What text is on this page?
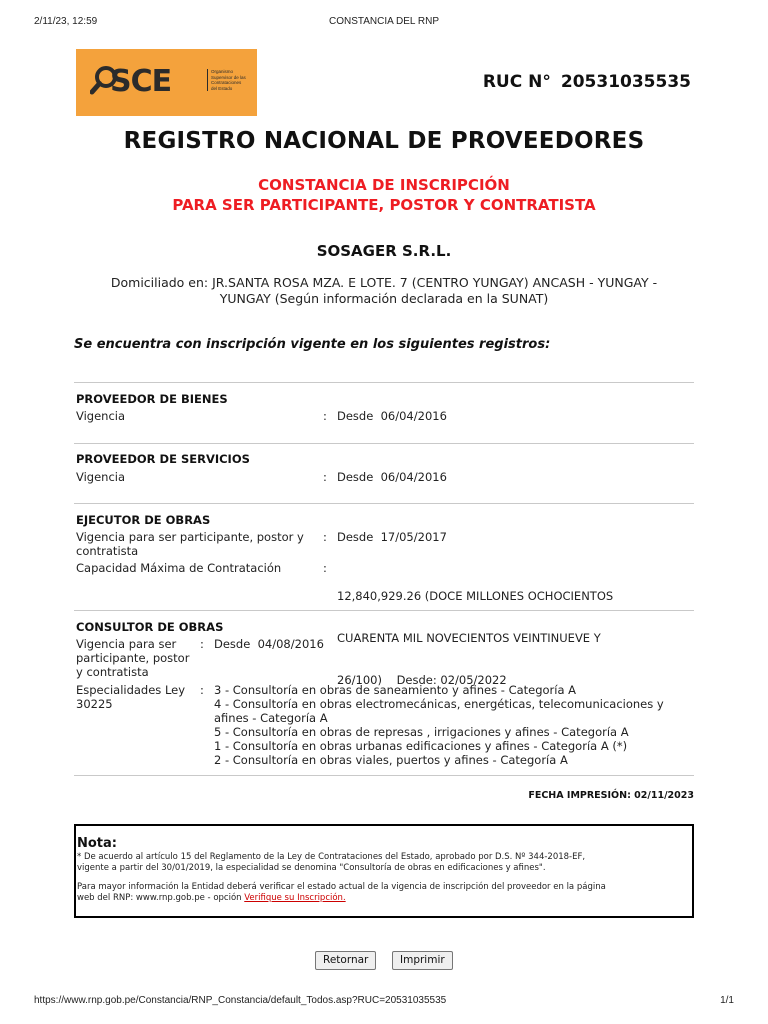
2/11/23, 12:59	CONSTANCIA DEL RNP
SCE	Organismo
Supervisor de las
Contrataciones
del Estado	RUC N° 20531035535
REGISTRO NACIONAL DE PROVEEDORES
CONSTANCIA DE INSCRIPCIÓN
PARA SER PARTICIPANTE, POSTOR Y CONTRATISTA
SOSAGER S.R.L.
Domiciliado en: JR.SANTA ROSA MZA. E LOTE. 7 (CENTRO YUNGAY) ANCASH - YUNGAY -
YUNGAY (Según información declarada en la SUNAT)
Se encuentra con inscripción vigente en los siguientes registros:
PROVEEDOR DE BIENES
Vigencia	: Desde  06/04/2016
PROVEEDOR DE SERVICIOS
Vigencia	: Desde  06/04/2016
EJECUTOR DE OBRAS
Vigencia para ser participante, postor y
contratista
: Desde  17/05/2017
Capacidad Máxima de Contratación	:

12,840,929.26 (DOCE MILLONES OCHOCIENTOS

CUARENTA MIL NOVECIENTOS VEINTINUEVE Y

26/100)    Desde: 02/05/2022

CONSULTOR DE OBRAS
Vigencia para ser
participante, postor
y contratista
: Desde  04/08/2016
Especialidades Ley
30225
: 3 - Consultoría en obras de saneamiento y afines - Categoría A
4 - Consultoría en obras electromecánicas, energéticas, telecomunicaciones y
afines - Categoría A
5 - Consultoría en obras de represas , irrigaciones y afines - Categoría A
1 - Consultoría en obras urbanas edificaciones y afines - Categoría A (*)
2 - Consultoría en obras viales, puertos y afines - Categoría A
FECHA IMPRESIÓN: 02/11/2023
Nota:
* De acuerdo al artículo 15 del Reglamento de la Ley de Contrataciones del Estado, aprobado por D.S. Nº 344-2018-EF,
vigente a partir del 30/01/2019, la especialidad se denomina "Consultoría de obras en edificaciones y afines".
Para mayor información la Entidad deberá verificar el estado actual de la vigencia de inscripción del proveedor en la página
web del RNP: www.rnp.gob.pe - opción Verifique su Inscripción.
Retornar	Imprimir
https://www.rnp.gob.pe/Constancia/RNP_Constancia/default_Todos.asp?RUC=20531035535	1/1
